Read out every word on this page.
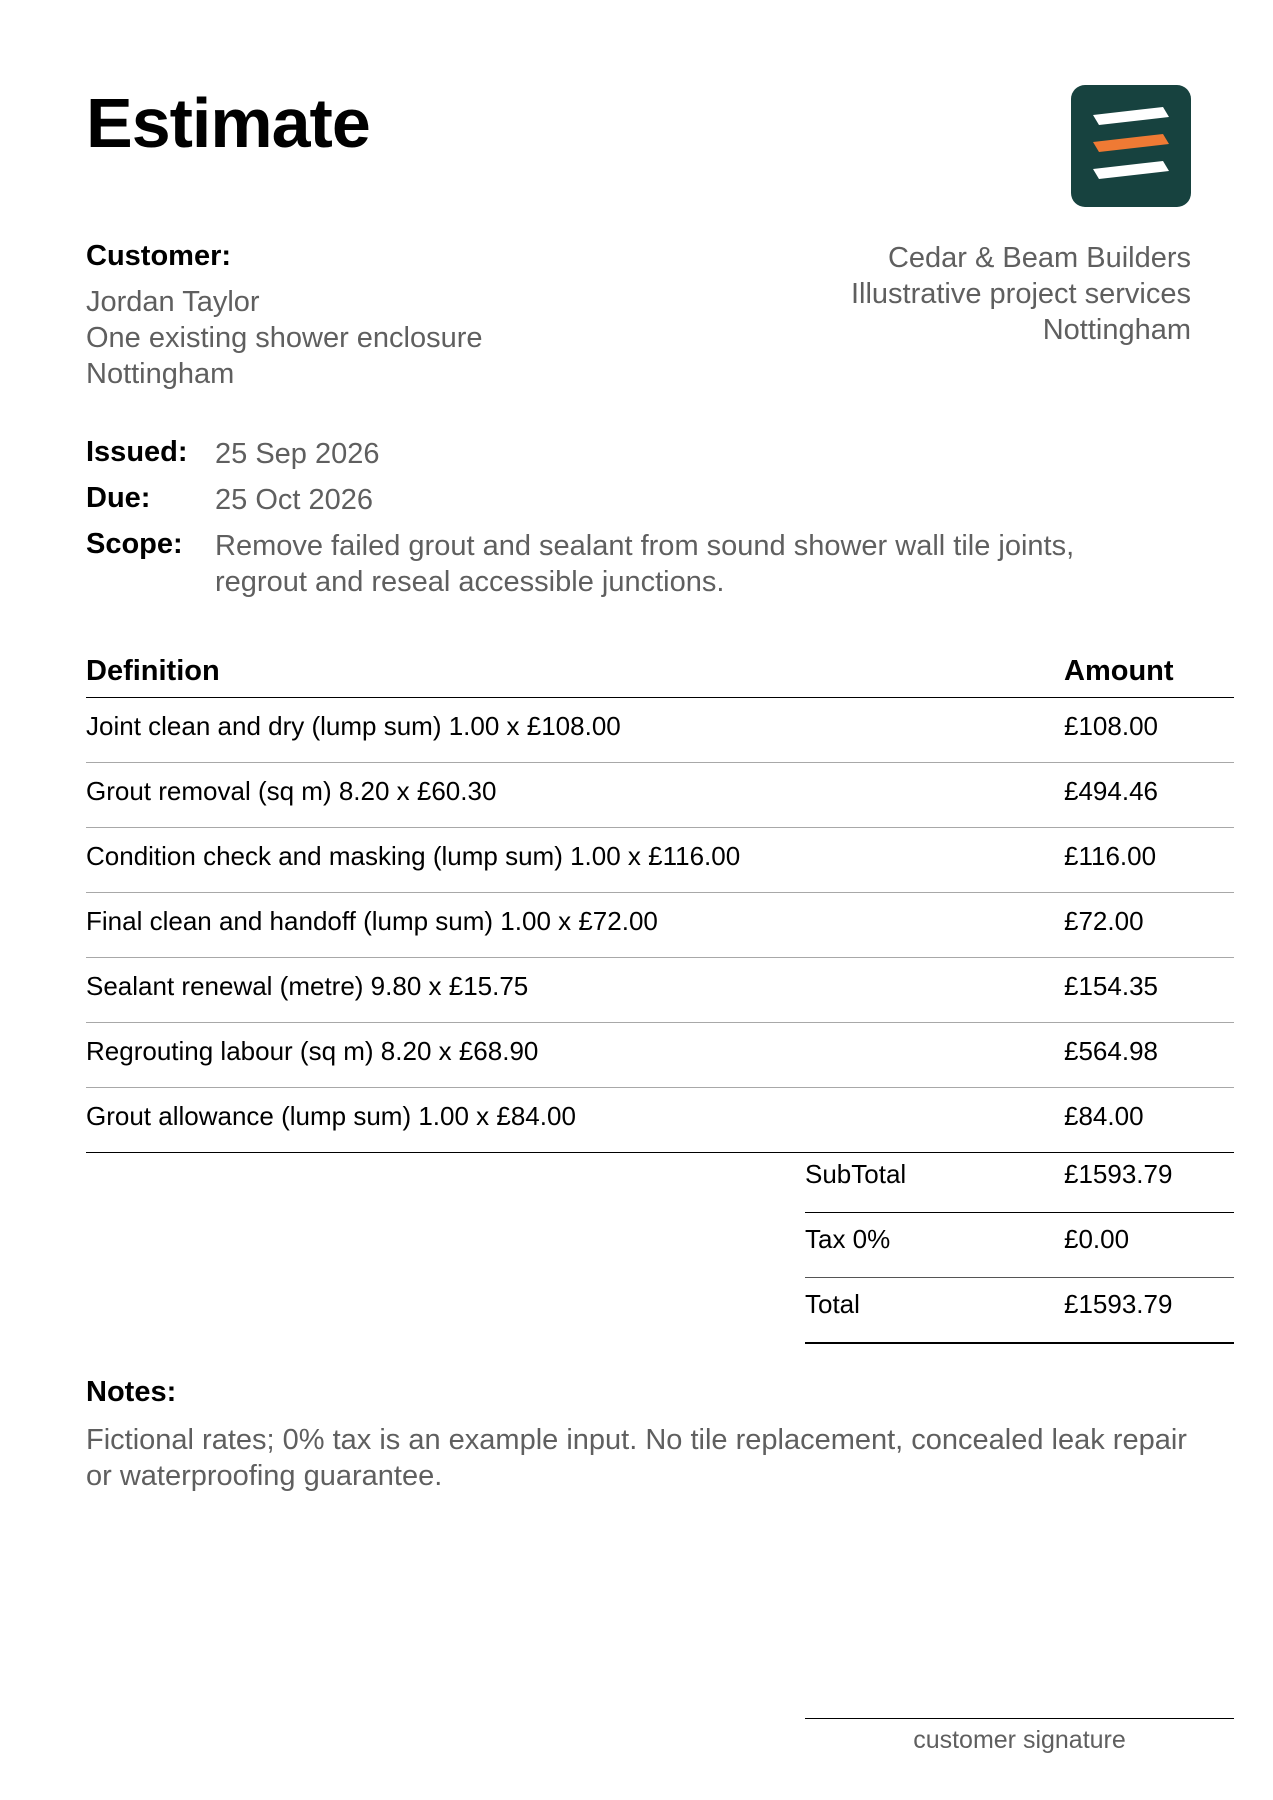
Estimate
Customer:
Jordan Taylor
One existing shower enclosure
Nottingham
Cedar & Beam Builders
Illustrative project services
Nottingham
Issued: 25 Sep 2026
Due: 25 Oct 2026
Scope: Remove failed grout and sealant from sound shower wall tile joints,
regrout and reseal accessible junctions.
Definition	Amount
Joint clean and dry (lump sum) 1.00 x £108.00	£108.00
Grout removal (sq m) 8.20 x £60.30	£494.46
Condition check and masking (lump sum) 1.00 x £116.00	£116.00
Final clean and handoff (lump sum) 1.00 x £72.00	£72.00
Sealant renewal (metre) 9.80 x £15.75	£154.35
Regrouting labour (sq m) 8.20 x £68.90	£564.98
Grout allowance (lump sum) 1.00 x £84.00	£84.00
SubTotal	£1593.79
Tax 0%	£0.00
Total	£1593.79
Notes:
Fictional rates; 0% tax is an example input. No tile replacement, concealed leak repair or waterproofing guarantee.
customer signature
